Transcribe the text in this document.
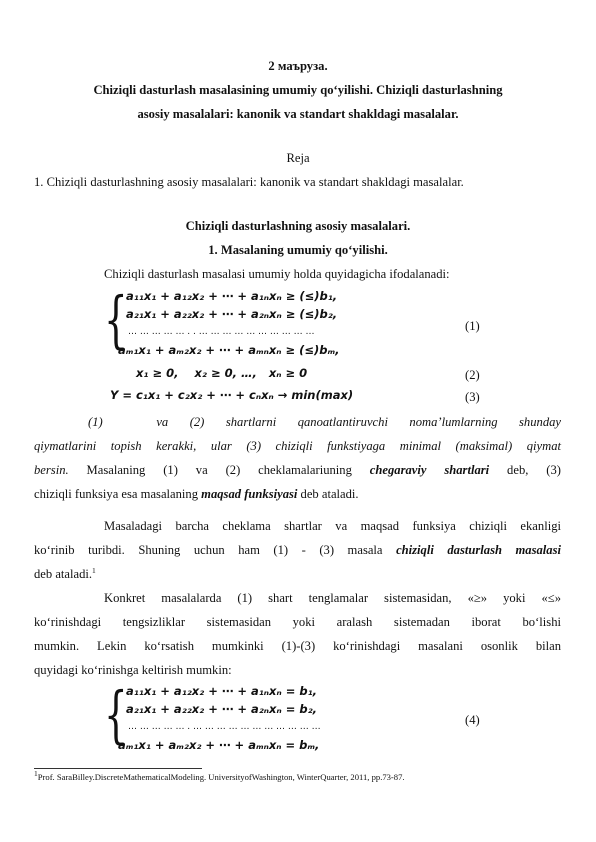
2 маъруза.
Chiziqli dasturlash masalasining umumiy qo‘yilishi. Chiziqli dasturlashning
asosiy masalalari: kanonik va standart shakldagi masalalar.
Reja
1. Chiziqli dasturlashning asosiy masalalari: kanonik va standart shakldagi masalalar.
Chiziqli dasturlashning asosiy masalalari.
1. Masalaning umumiy qo‘yilishi.
Chiziqli dasturlash masalasi umumiy holda quyidagicha ifodalanadi:
{
a₁₁x₁ + a₁₂x₂ + ⋯ + a₁ₙxₙ ≥ (≤)b₁,
a₂₁x₁ + a₂₂x₂ + ⋯ + a₂ₙxₙ ≥ (≤)b₂,
… … … … … . . … … … … … … … … … …
aₘ₁x₁ + aₘ₂x₂ + ⋯ + aₘₙxₙ ≥ (≤)bₘ,
(1)
x₁ ≥ 0,    x₂ ≥ 0, …,   xₙ ≥ 0	(2)
Y = c₁x₁ + c₂x₂ + ⋯ + cₙxₙ → min(max)	(3)
(1)     va  (2)  shartlarni  qanoatlantiruvchi  noma’lumlarning  shunday
qiymatlarini topish kerakki, ular (3) chiziqli funkstiyaga minimal (maksimal) qiymat
bersin. Masalaning (1) va (2) cheklamalariuning chegaraviy shartlari deb, (3)
chiziqli funksiya esa masalaning maqsad funksiyasi deb ataladi.
Masaladagi barcha cheklama shartlar va maqsad funksiya chiziqli ekanligi
ko‘rinib turibdi. Shuning uchun ham (1) - (3) masala chiziqli dasturlash masalasi
deb ataladi.$^1$
Konkret masalalarda (1) shart tenglamalar sistemasidan, «≥» yoki «≤»
ko‘rinishdagi tengsizliklar sistemasidan yoki aralash sistemadan iborat bo‘lishi
mumkin. Lekin ko‘rsatish mumkinki (1)-(3) ko‘rinishdagi masalani osonlik bilan
quyidagi ko‘rinishga keltirish mumkin:
{
a₁₁x₁ + a₁₂x₂ + ⋯ + a₁ₙxₙ = b₁,
a₂₁x₁ + a₂₂x₂ + ⋯ + a₂ₙxₙ = b₂,
… … … … … . … … … … … … … … … … …
aₘ₁x₁ + aₘ₂x₂ + ⋯ + aₘₙxₙ = bₘ,
(4)
$^1$Prof. SaraBilley.DiscreteMathematicalModeling. UniversityofWashington, WinterQuarter, 2011, pp.73-87.
